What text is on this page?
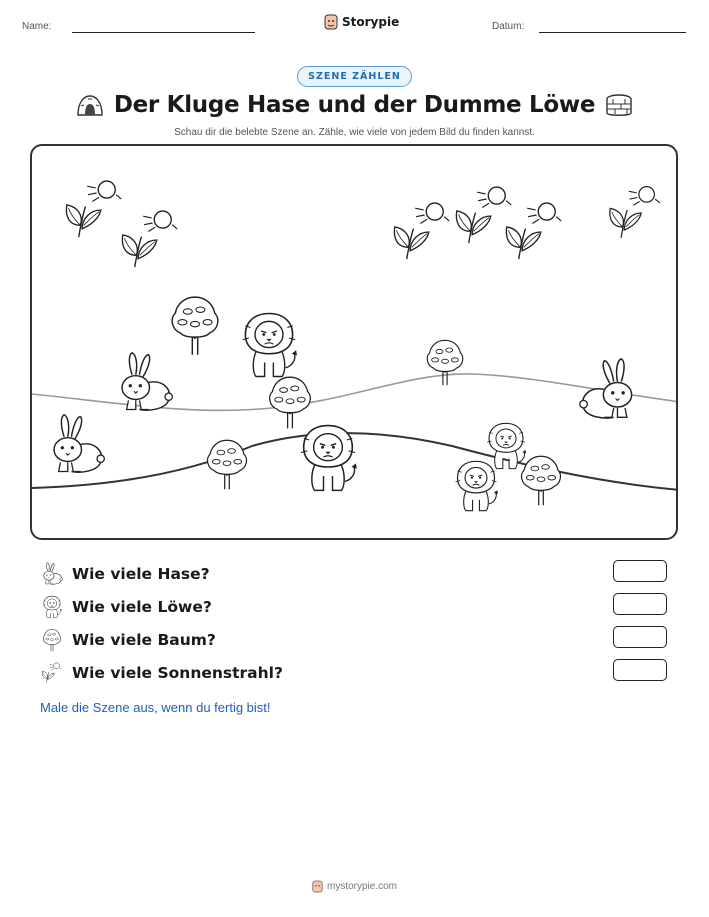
Name:	Storypie	Datum:
SZENE ZÄHLEN
Der Kluge Hase und der Dumme Löwe
Schau dir die belebte Szene an. Zähle, wie viele von jedem Bild du finden kannst.
Wie viele Hase?
Wie viele Löwe?
Wie viele Baum?
Wie viele Sonnenstrahl?
Male die Szene aus, wenn du fertig bist!
mystorypie.com
